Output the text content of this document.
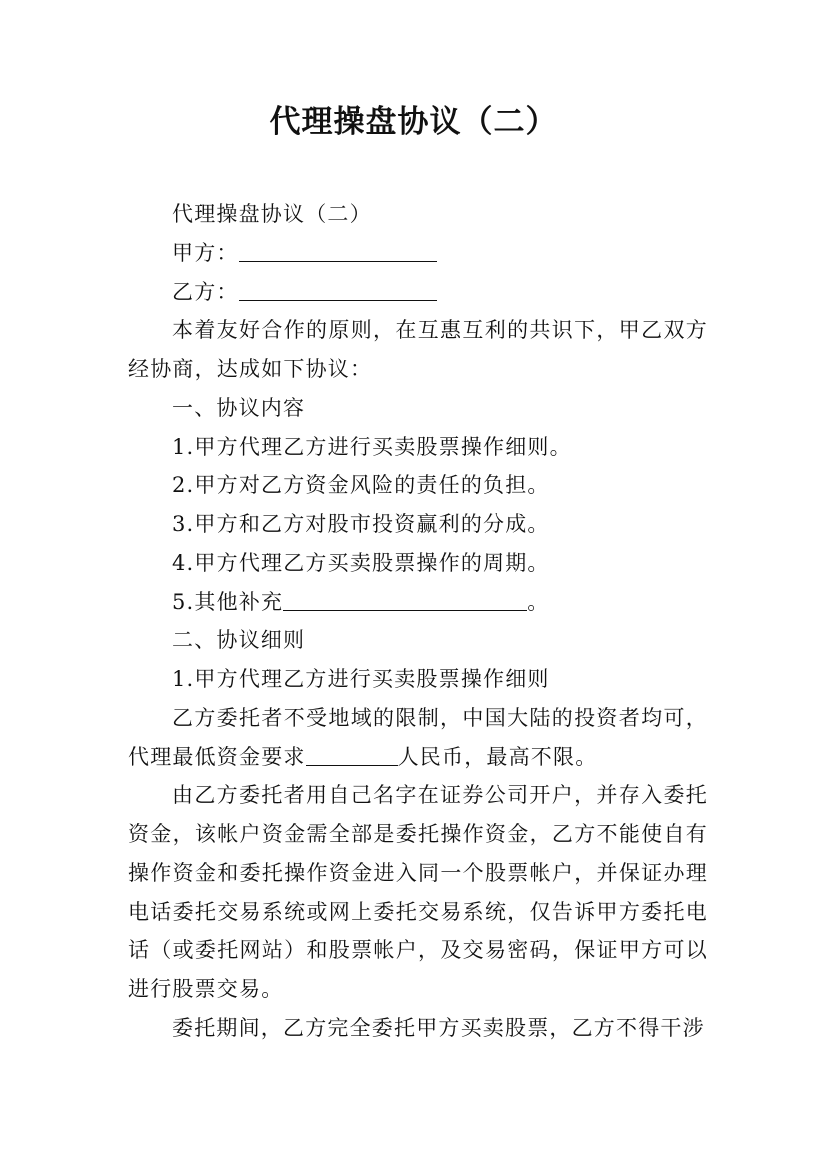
代理操盘协议（二）

代理操盘协议（二）

甲方：

乙方：

本着友好合作的原则，在互惠互利的共识下，甲乙双方经协商，达成如下协议：

一、协议内容

1.甲方代理乙方进行买卖股票操作细则。

2.甲方对乙方资金风险的责任的负担。

3.甲方和乙方对股市投资赢利的分成。

4.甲方代理乙方买卖股票操作的周期。

5.其他补充	。

二、协议细则

1.甲方代理乙方进行买卖股票操作细则

乙方委托者不受地域的限制，中国大陆的投资者均可，代理最低资金要求	人民币，最高不限。

由乙方委托者用自己名字在证券公司开户，并存入委托资金，该帐户资金需全部是委托操作资金，乙方不能使自有操作资金和委托操作资金进入同一个股票帐户，并保证办理电话委托交易系统或网上委托交易系统，仅告诉甲方委托电话（或委托网站）和股票帐户，及交易密码，保证甲方可以进行股票交易。

委托期间，乙方完全委托甲方买卖股票，乙方不得干涉
